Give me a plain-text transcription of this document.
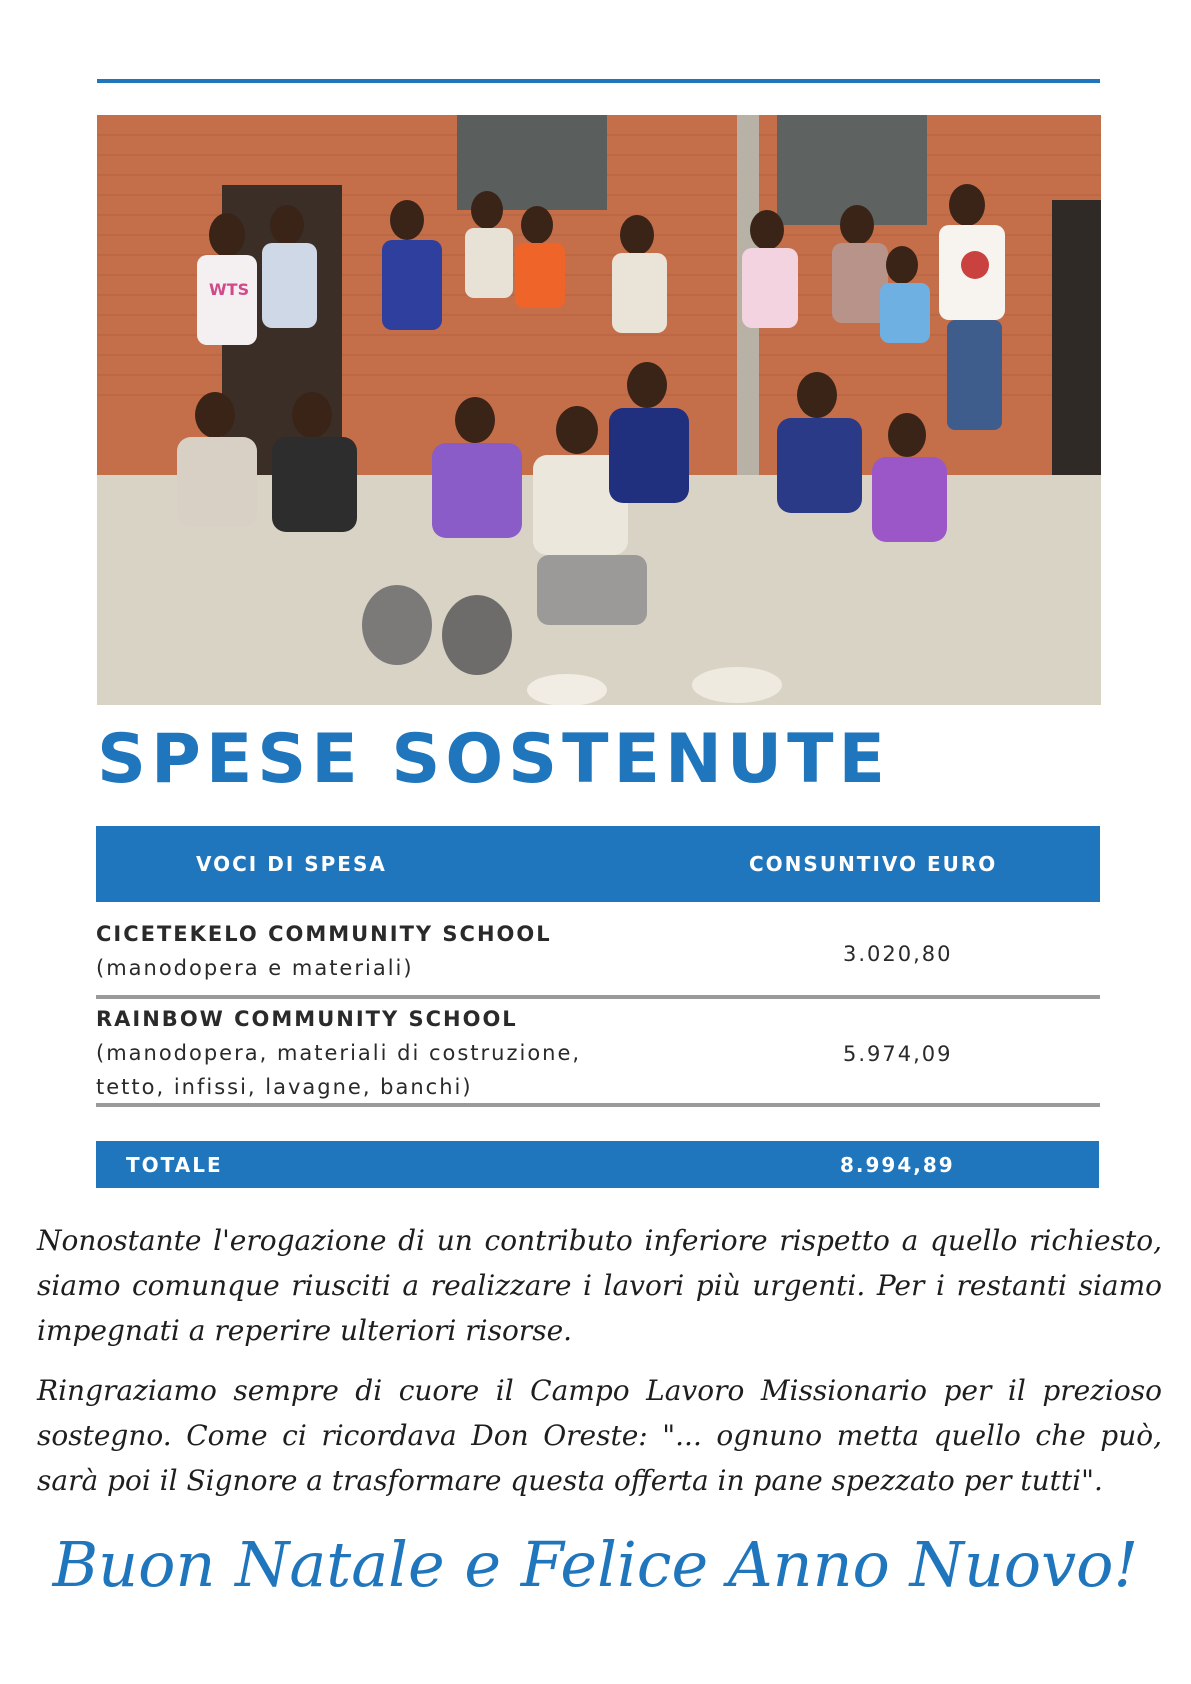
WTS
SPESE SOSTENUTE
VOCI DI SPESA	CONSUNTIVO EURO
CICETEKELO COMMUNITY SCHOOL
(manodopera e materiali)
3.020,80
RAINBOW COMMUNITY SCHOOL
(manodopera, materiali di costruzione,
tetto, infissi, lavagne, banchi)
5.974,09
TOTALE	8.994,89

Nonostante l'erogazione di un contributo inferiore rispetto a quello richiesto, siamo comunque riusciti a realizzare i lavori più urgenti. Per i restanti siamo impegnati a reperire ulteriori risorse.

Ringraziamo sempre di cuore il Campo Lavoro Missionario per il prezioso sostegno. Come ci ricordava Don Oreste: "... ognuno metta quello che può, sarà poi il Signore a trasformare questa offerta in pane spezzato per tutti".

Buon Natale e Felice Anno Nuovo!
